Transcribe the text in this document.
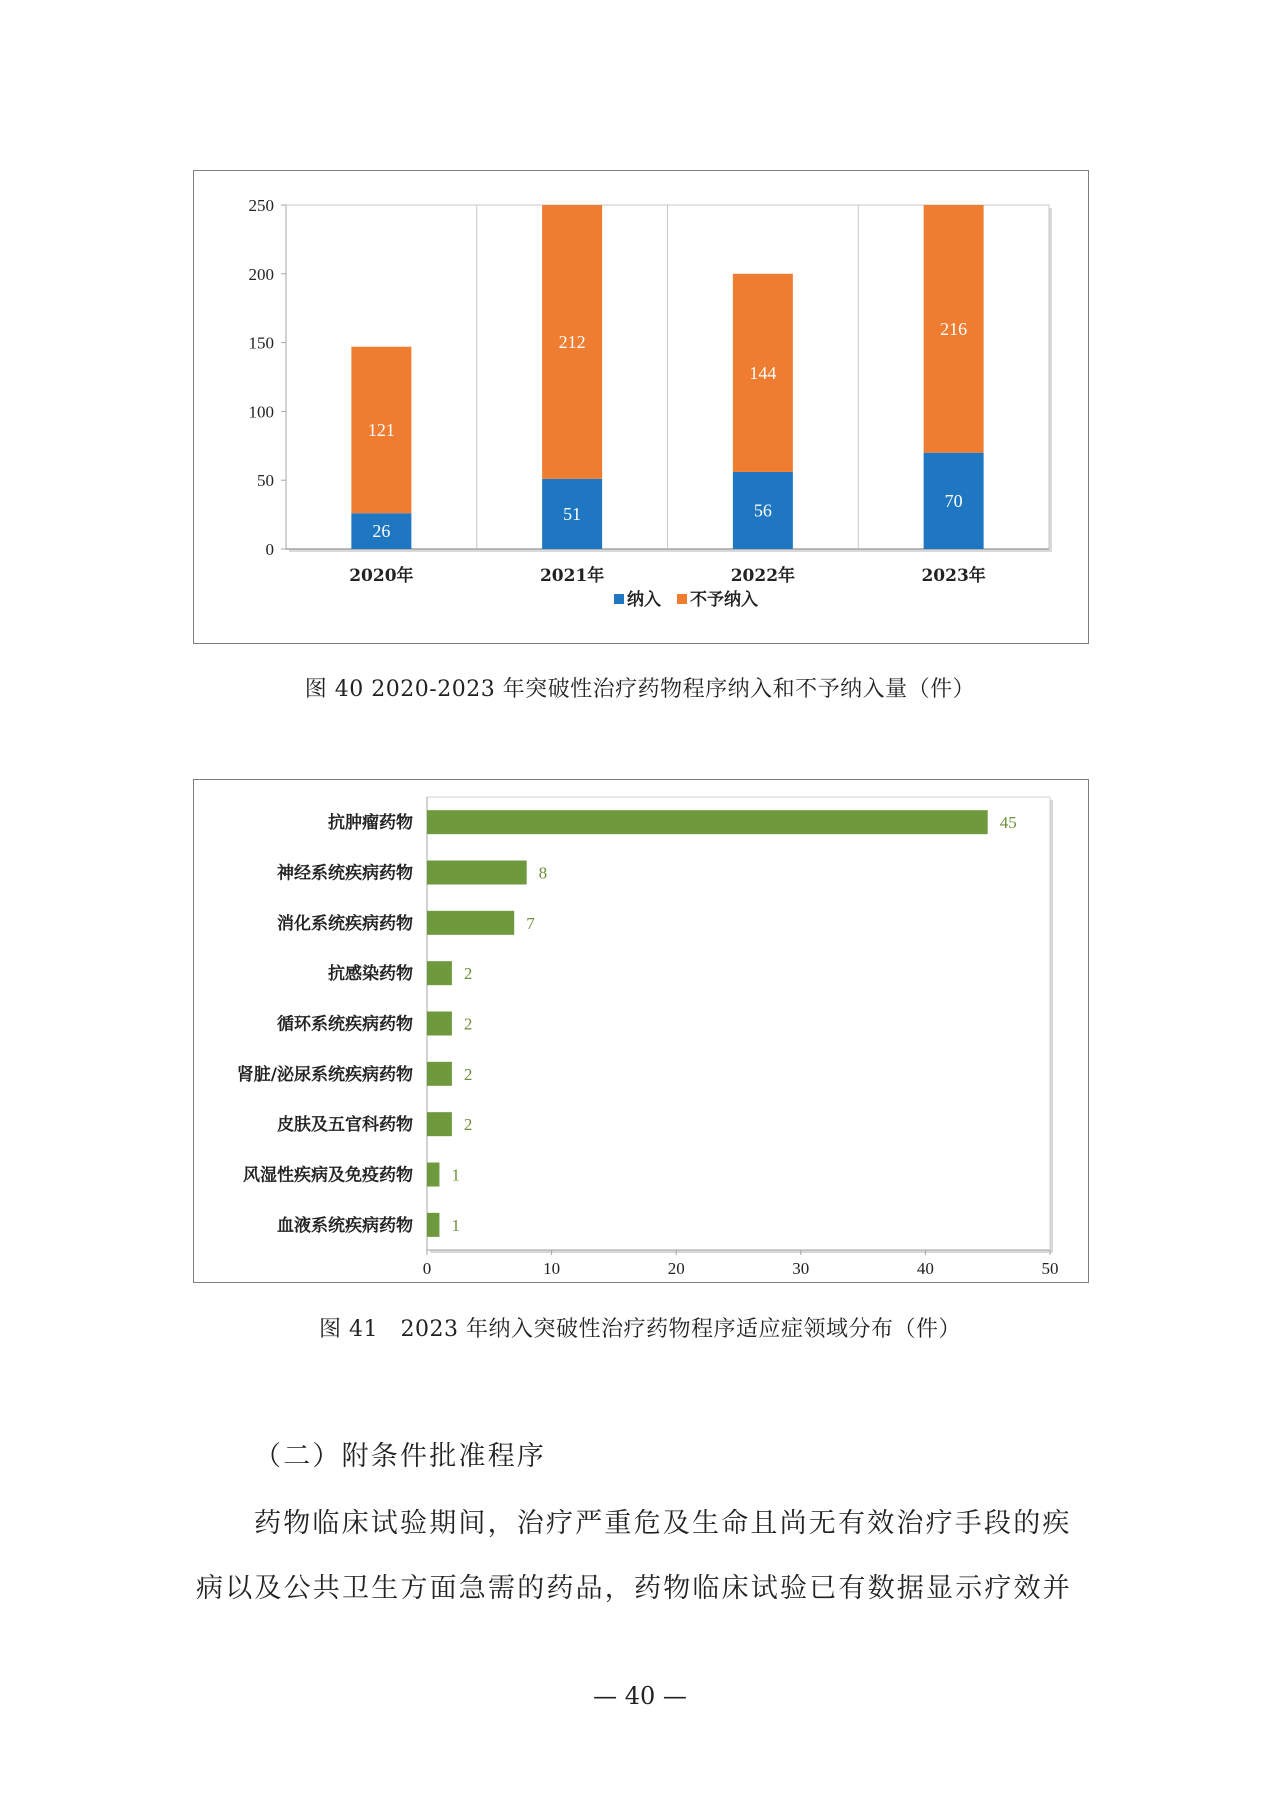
0
50
100
150
200
250
26
121
2020年
51
212
2021年
56
144
2022年
70
216
2023年
纳入 不予纳入
图 40 2020-2023 年突破性治疗药物程序纳入和不予纳入量（件）
0	10	20	30	40	50
45
抗肿瘤药物
8
神经系统疾病药物
7
消化系统疾病药物
2
抗感染药物
2
循环系统疾病药物
2
肾脏/泌尿系统疾病药物
2
皮肤及五官科药物
1
风湿性疾病及免疫药物
1
血液系统疾病药物
图 41　2023 年纳入突破性治疗药物程序适应症领域分布（件）
（二）附条件批准程序
药物临床试验期间，治疗严重危及生命且尚无有效治疗手段的疾
病以及公共卫生方面急需的药品，药物临床试验已有数据显示疗效并
— 40 —
